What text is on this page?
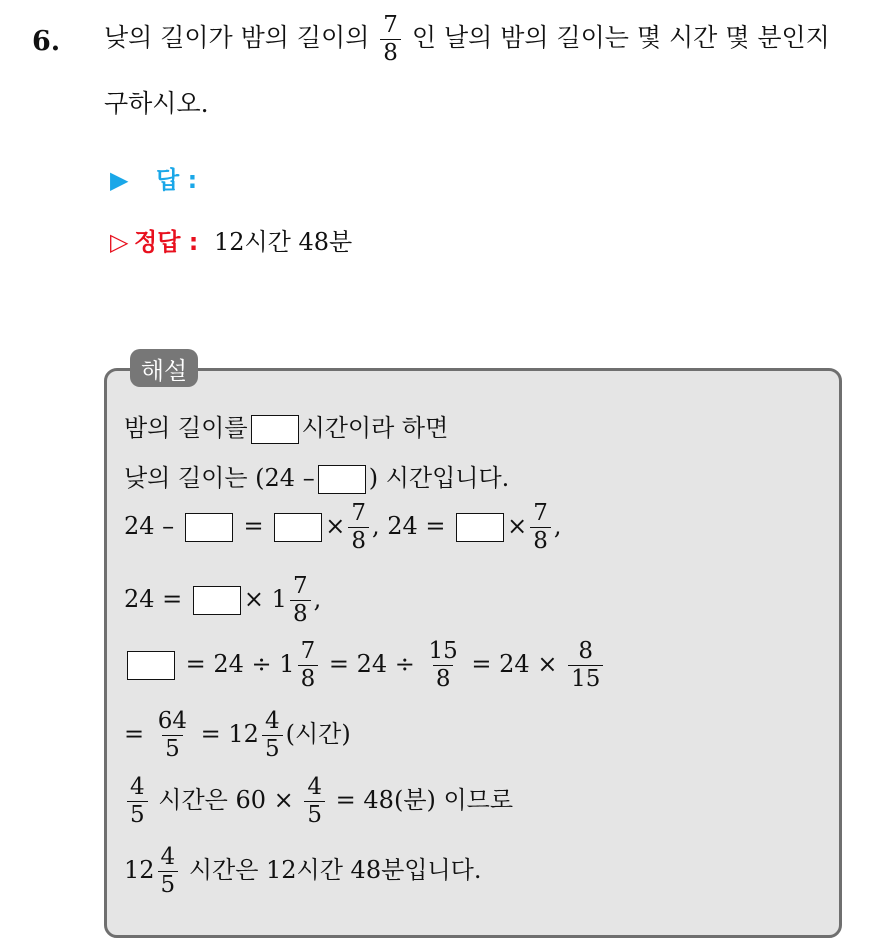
6. 낮의 길이가 밤의 길이의 $\frac{7}{8}$ 인 날의 밤의 길이는 몇 시간 몇 분인지
구하시오.
▶ 답 :
▷ 정답 : 12시간 48분
해설
밤의 길이를 시간이라 하면
낮의 길이는 (24 – ) 시간입니다.
24 –	=	× $\frac{7}{8}$ , 24 =	× $\frac{7}{8}$ ,
24 =	× $1 \frac{7}{8}$ ,
= $24 \div 1 \frac{7}{8} = 24 \div \frac{15}{8} = 24 \times \frac{8}{15}$
= $\frac{64}{5} = 12 \frac{4}{5}$ (시간)
$\frac{4}{5}$ 시간은 $60 \times \frac{4}{5} = 48$(분) 이므로
$12 \frac{4}{5}$ 시간은 12시간 48분입니다.
